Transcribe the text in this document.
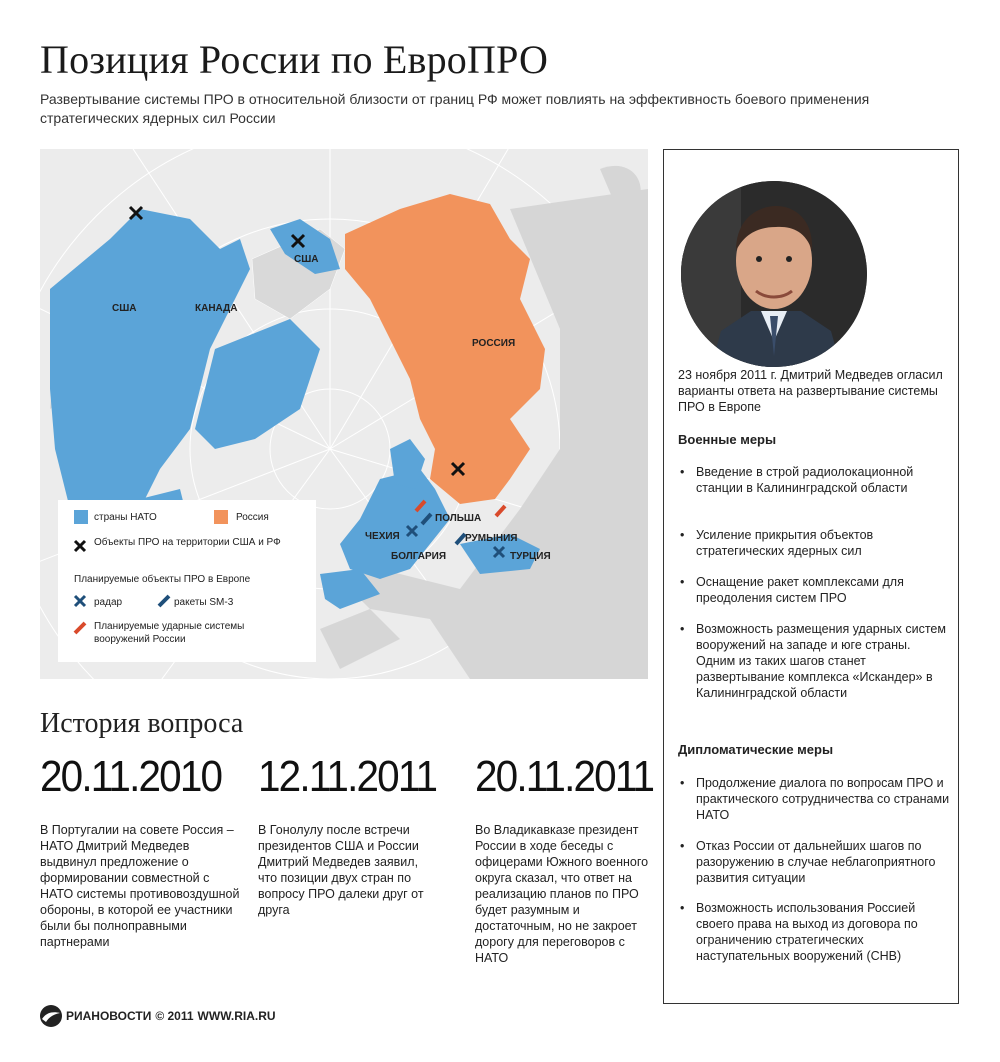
Позиция России по ЕвроПРО
Развертывание системы ПРО в относительной близости от границ РФ может повлиять на эффективность боевого применения стратегических ядерных сил России
США	КАНАДА
США
РОССИЯ
ПОЛЬША
ЧЕХИЯ	РУМЫНИЯ
БОЛГАРИЯ	ТУРЦИЯ
страны НАТО	Россия
Объекты ПРО на территории США и РФ
Планируемые объекты ПРО в Европе
радар	ракеты SM-3
Планируемые ударные системы вооружений России
23 ноября 2011 г. Дмитрий Медведев огласил варианты ответа на развертывание системы ПРО в Европе
Военные меры
• Введение в строй радиолокационной станции в Калининградской области
• Усиление прикрытия объектов стратегических ядерных сил
• Оснащение ракет комплексами для преодоления систем ПРО
• Возможность размещения ударных систем вооружений на западе и юге страны. Одним из таких шагов станет развертывание комплекса «Искандер» в Калининградской области
Дипломатические меры
• Продолжение диалога по вопросам ПРО и практического сотрудничества со странами НАТО
• Отказ России от дальнейших шагов по разоружению в случае неблагоприятного развития ситуации
• Возможность использования Россией своего права на выход из договора по ограничению стратегических наступательных вооружений (СНВ)
История вопроса
20.11.2010
В Португалии на совете Россия – НАТО Дмитрий Медведев выдвинул предложение о формировании совместной с НАТО системы противовоздушной обороны, в которой ее участники были бы полноправными партнерами
12.11.2011
В Гонолулу после встречи президентов США и России Дмитрий Медведев заявил, что позиции двух стран по вопросу ПРО далеки друг от друга
20.11.2011
Во Владикавказе президент России в ходе беседы с офицерами Южного военного округа сказал, что ответ на реализацию планов по ПРО будет разумным и достаточным, но не закроет дорогу для переговоров с НАТО
РИАНОВОСТИ © 2011 WWW.RIA.RU
